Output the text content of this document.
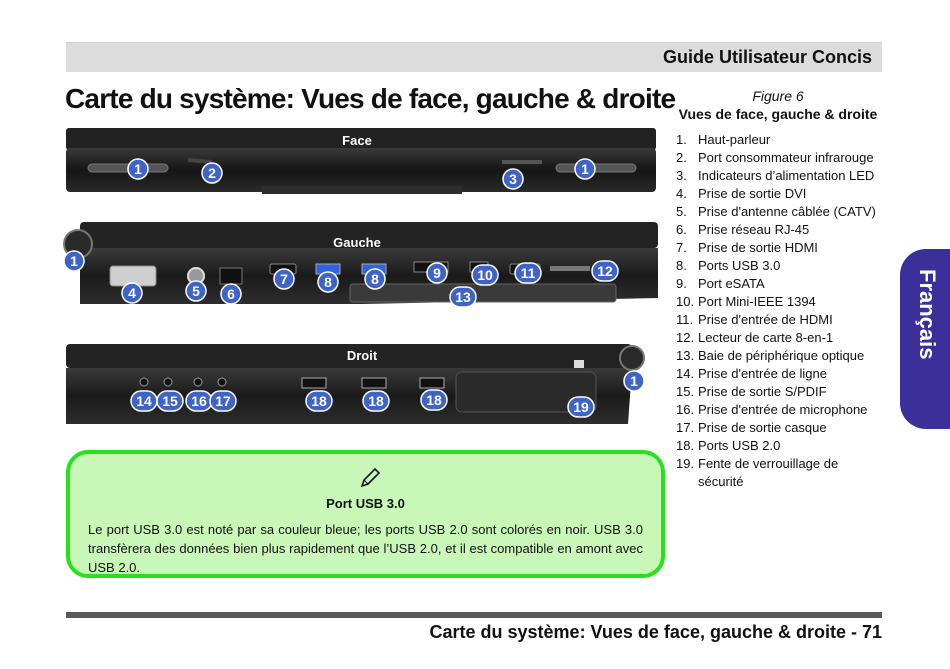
Guide Utilisateur Concis
Carte du système: Vues de face, gauche & droite	Figure 6
Vues de face, gauche & droite
1. Haut-parleur
2. Port consommateur infrarouge
3. Indicateurs d’alimentation LED
4. Prise de sortie DVI
5. Prise d'antenne câblée (CATV)
6. Prise réseau RJ-45
7. Prise de sortie HDMI
8. Ports USB 3.0
9. Port eSATA
10. Port Mini-IEEE 1394
11. Prise d'entrée de HDMI
12. Lecteur de carte 8-en-1
13. Baie de périphérique optique
14. Prise d'entrée de ligne
15. Prise de sortie S/PDIF
16. Prise d'entrée de microphone
17. Prise de sortie casque
18. Ports USB 2.0
19. Fente de verrouillage de sécurité
Français
Face
1	2	3
1
Gauche
1
4	5 6
7	8	8	9	10 11	12
13
Droit
14 15 16 17	18	18	18
1
19
Port USB 3.0
Le port USB 3.0 est noté par sa couleur bleue; les ports USB 2.0 sont colorés en noir. USB 3.0 transfèrera des données bien plus rapidement que l’USB 2.0, et il est compatible en amont avec USB 2.0.
Carte du système: Vues de face, gauche & droite - 71
